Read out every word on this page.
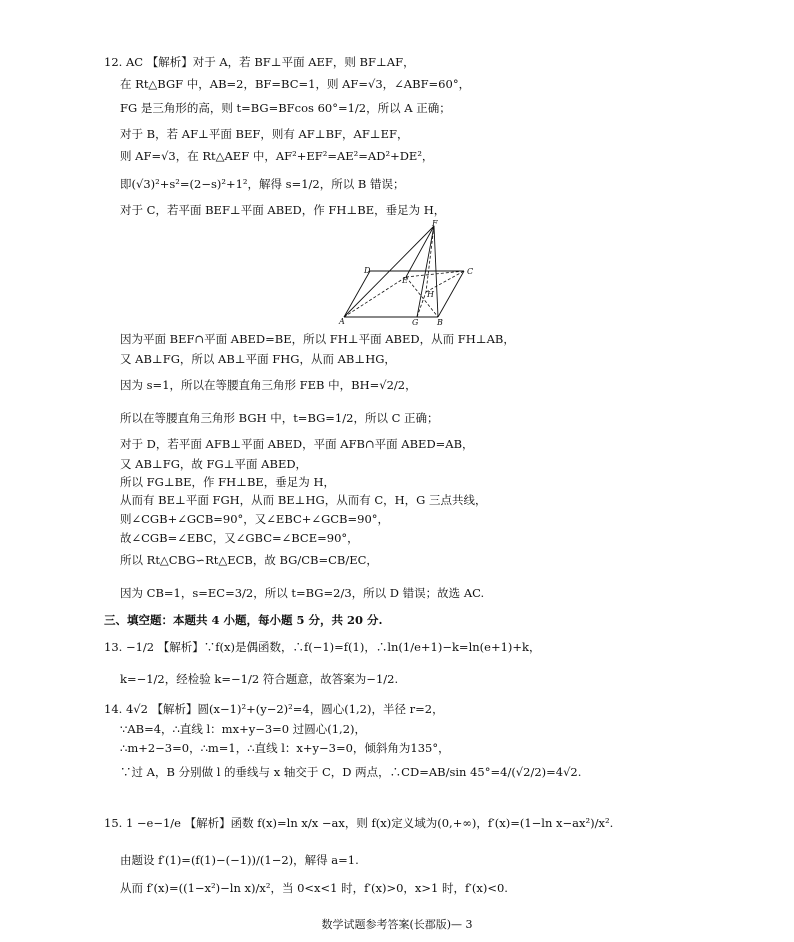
12. AC 【解析】对于 A，若 BF⊥平面 AEF，则 BF⊥AF，
在 Rt△BGF 中，AB=2，BF=BC=1，则 AF=√3，∠ABF=60°，
FG 是三角形的高，则 t=BG=BFcos 60°=1/2，所以 A 正确；
对于 B，若 AF⊥平面 BEF，则有 AF⊥BF，AF⊥EF，
则 AF=√3，在 Rt△AEF 中，AF²+EF²=AE²=AD²+DE²，
即(√3)²+s²=(2−s)²+1²，解得 s=1/2，所以 B 错误；
对于 C，若平面 BEF⊥平面 ABED，作 FH⊥BE，垂足为 H，
因为平面 BEF∩平面 ABED=BE，所以 FH⊥平面 ABED，从而 FH⊥AB，
又 AB⊥FG，所以 AB⊥平面 FHG，从而 AB⊥HG，
因为 s=1，所以在等腰直角三角形 FEB 中，BH=√2/2，
所以在等腰直角三角形 BGH 中，t=BG=1/2，所以 C 正确；
对于 D，若平面 AFB⊥平面 ABED，平面 AFB∩平面 ABED=AB，
又 AB⊥FG，故 FG⊥平面 ABED，
所以 FG⊥BE，作 FH⊥BE，垂足为 H，
从而有 BE⊥平面 FGH，从而 BE⊥HG，从而有 C，H，G 三点共线，
则∠CGB+∠GCB=90°，又∠EBC+∠GCB=90°，
故∠CGB=∠EBC，又∠GBC=∠BCE=90°，
所以 Rt△CBG∽Rt△ECB，故 BG/CB=CB/EC，
因为 CB=1，s=EC=3/2，所以 t=BG=2/3，所以 D 错误；故选 AC.
三、填空题：本题共 4 小题，每小题 5 分，共 20 分.
13. −1/2 【解析】∵f(x)是偶函数，∴f(−1)=f(1)，∴ln(1/e+1)−k=ln(e+1)+k，
k=−1/2，经检验 k=−1/2 符合题意，故答案为−1/2.
14. 4√2 【解析】圆(x−1)²+(y−2)²=4，圆心(1,2)，半径 r=2，
∵AB=4，∴直线 l：mx+y−3=0 过圆心(1,2)，
∴m+2−3=0，∴m=1，∴直线 l：x+y−3=0，倾斜角为135°，
∵过 A，B 分别做 l 的垂线与 x 轴交于 C，D 两点，∴CD=AB/sin 45°=4/(√2/2)=4√2.
15. 1 −e−1/e 【解析】函数 f(x)=ln x/x −ax，则 f(x)定义域为(0,+∞)，f′(x)=(1−ln x−ax²)/x².
由题设 f′(1)=(f(1)−(−1))/(1−2)，解得 a=1.
从而 f′(x)=((1−x²)−ln x)/x²，当 0<x<1 时，f′(x)>0，x>1 时，f′(x)<0.
F
D	C
E
H
A	G B
数学试题参考答案(长郡版)— 3
